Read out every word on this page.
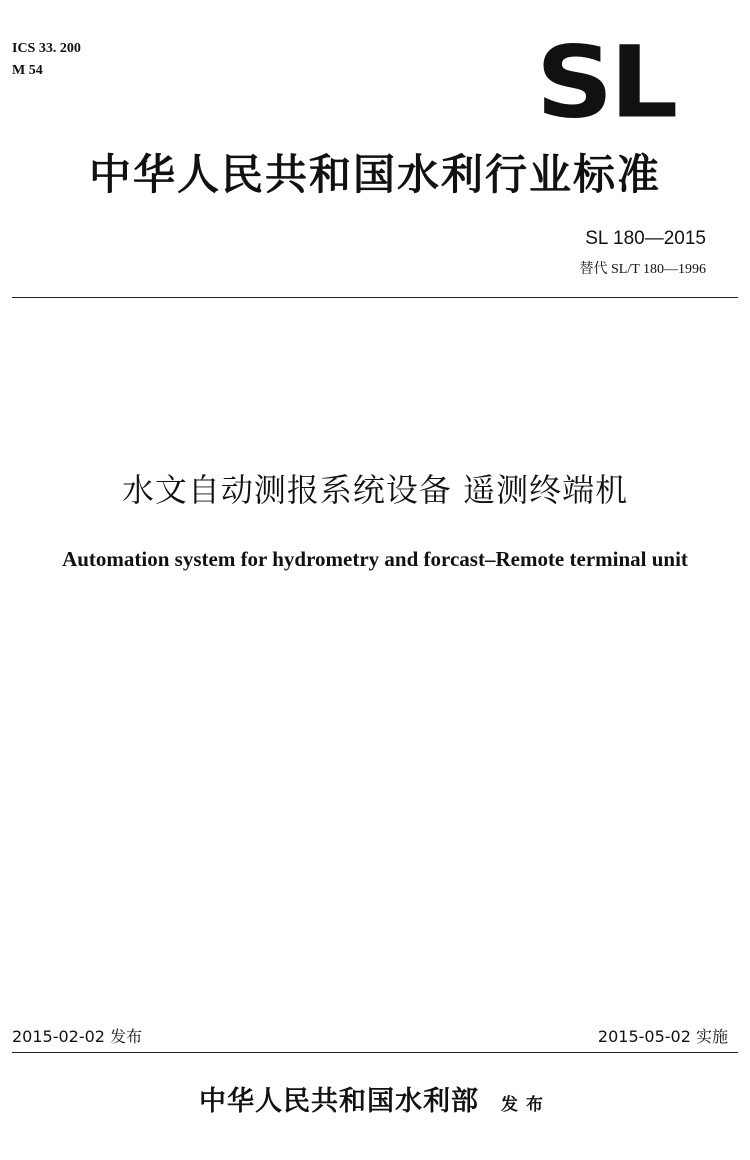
ICS 33. 200
M 54	SL
中华人民共和国水利行业标准
SL 180—2015
替代 SL/T 180—1996
水文自动测报系统设备 遥测终端机
Automation system for hydrometry and forcast–Remote terminal unit
2015-02-02 发布	2015-05-02 实施
中华人民共和国水利部 发布
